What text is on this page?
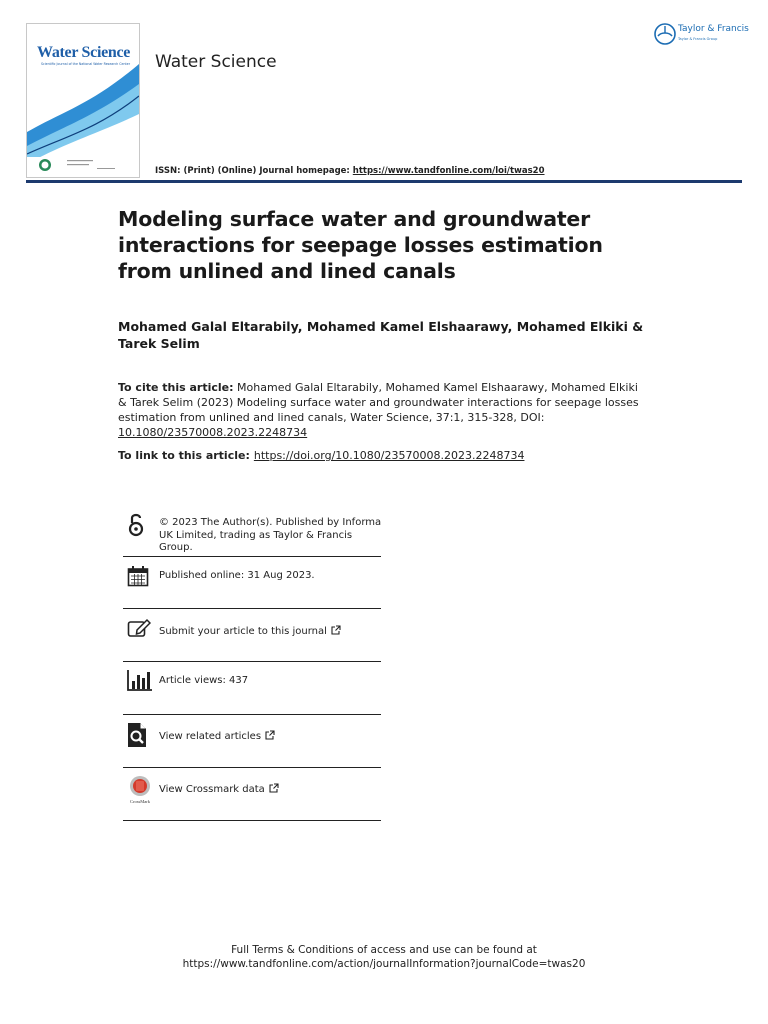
Water Science
Scientific Journal of the National Water Research Center Water Science
Taylor & Francis
Taylor & Francis Group
ISSN: (Print) (Online) Journal homepage: https://www.tandfonline.com/loi/twas20
Modeling surface water and groundwater interactions for seepage losses estimation from unlined and lined canals
Mohamed Galal Eltarabily, Mohamed Kamel Elshaarawy, Mohamed Elkiki & Tarek Selim
To cite this article: Mohamed Galal Eltarabily, Mohamed Kamel Elshaarawy, Mohamed Elkiki & Tarek Selim (2023) Modeling surface water and groundwater interactions for seepage losses estimation from unlined and lined canals, Water Science, 37:1, 315-328, DOI: 10.1080/23570008.2023.2248734
To link to this article: https://doi.org/10.1080/23570008.2023.2248734
© 2023 The Author(s). Published by Informa UK Limited, trading as Taylor & Francis Group.
Published online: 31 Aug 2023.
Submit your article to this journal
Article views: 437
View related articles
CrossMark
View Crossmark data
Full Terms & Conditions of access and use can be found at
https://www.tandfonline.com/action/journalInformation?journalCode=twas20
